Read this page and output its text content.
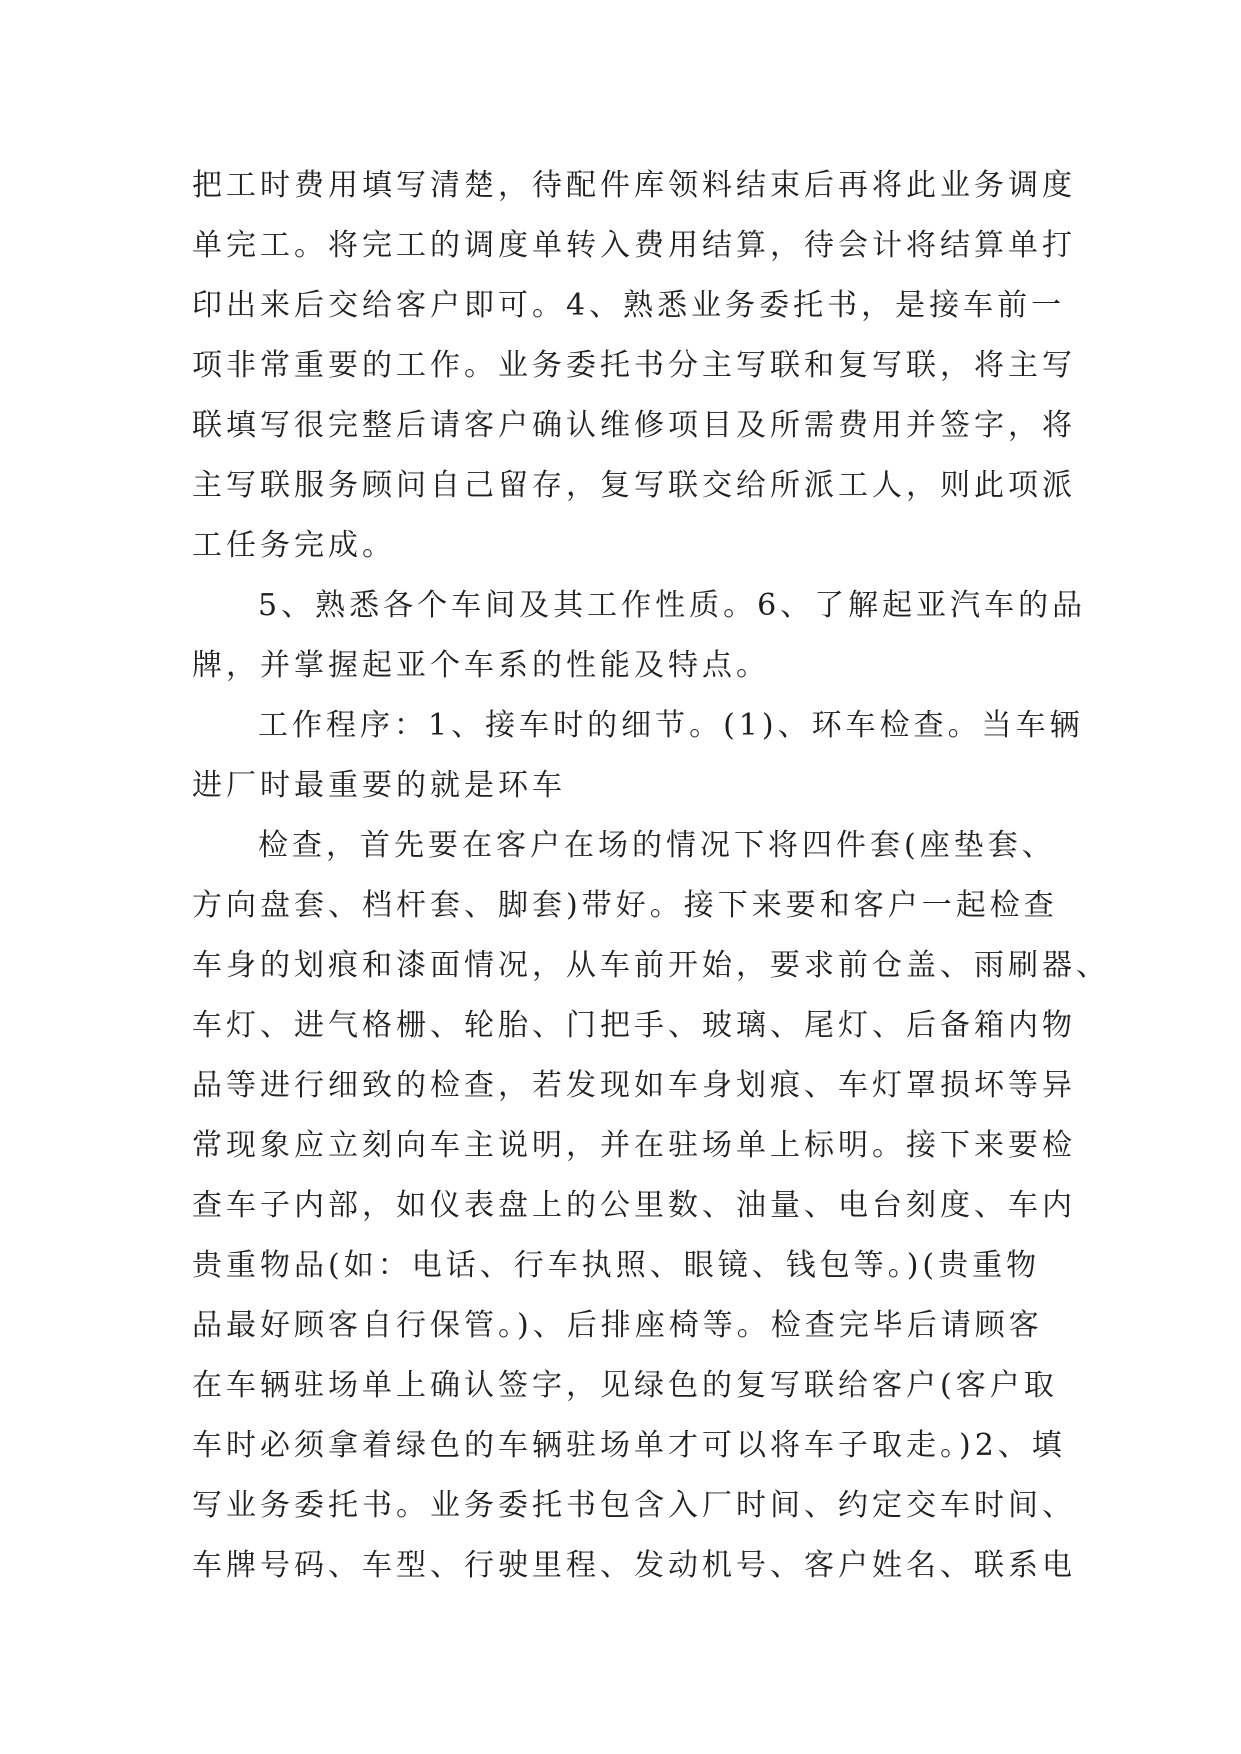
把工时费用填写清楚，待配件库领料结束后再将此业务调度
单完工。将完工的调度单转入费用结算，待会计将结算单打
印出来后交给客户即可。4、熟悉业务委托书，是接车前一
项非常重要的工作。业务委托书分主写联和复写联，将主写
联填写很完整后请客户确认维修项目及所需费用并签字，将
主写联服务顾问自己留存，复写联交给所派工人，则此项派
工任务完成。
5、熟悉各个车间及其工作性质。6、了解起亚汽车的品
牌，并掌握起亚个车系的性能及特点。
工作程序：1、接车时的细节。(1)、环车检查。当车辆
进厂时最重要的就是环车
检查，首先要在客户在场的情况下将四件套(座垫套、
方向盘套、档杆套、脚套)带好。接下来要和客户一起检查
车身的划痕和漆面情况，从车前开始，要求前仓盖、雨刷器、
车灯、进气格栅、轮胎、门把手、玻璃、尾灯、后备箱内物
品等进行细致的检查，若发现如车身划痕、车灯罩损坏等异
常现象应立刻向车主说明，并在驻场单上标明。接下来要检
查车子内部，如仪表盘上的公里数、油量、电台刻度、车内
贵重物品(如：电话、行车执照、眼镜、钱包等。)(贵重物
品最好顾客自行保管。)、后排座椅等。检查完毕后请顾客
在车辆驻场单上确认签字，见绿色的复写联给客户(客户取
车时必须拿着绿色的车辆驻场单才可以将车子取走。)2、填
写业务委托书。业务委托书包含入厂时间、约定交车时间、
车牌号码、车型、行驶里程、发动机号、客户姓名、联系电
